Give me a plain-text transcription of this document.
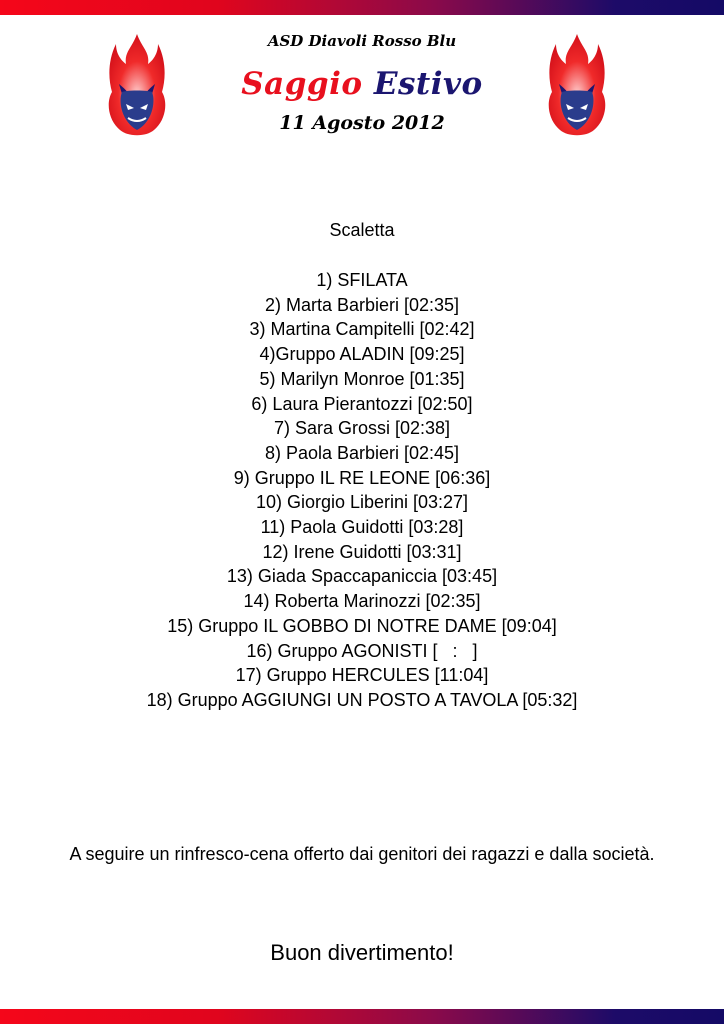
ASD Diavoli Rosso Blu
Saggio Estivo
11 Agosto 2012
Scaletta
1) SFILATA
2) Marta Barbieri [02:35]
3) Martina Campitelli [02:42]
4)Gruppo ALADIN [09:25]
5) Marilyn Monroe [01:35]
6) Laura Pierantozzi [02:50]
7) Sara Grossi [02:38]
8) Paola Barbieri [02:45]
9) Gruppo IL RE LEONE [06:36]
10) Giorgio Liberini [03:27]
11) Paola Guidotti [03:28]
12) Irene Guidotti [03:31]
13) Giada Spaccapaniccia [03:45]
14) Roberta Marinozzi [02:35]
15) Gruppo IL GOBBO DI NOTRE DAME [09:04]
16) Gruppo AGONISTI [   :   ]
17) Gruppo HERCULES [11:04]
18) Gruppo AGGIUNGI UN POSTO A TAVOLA [05:32]
A seguire un rinfresco-cena offerto dai genitori dei ragazzi e dalla società.
Buon divertimento!
